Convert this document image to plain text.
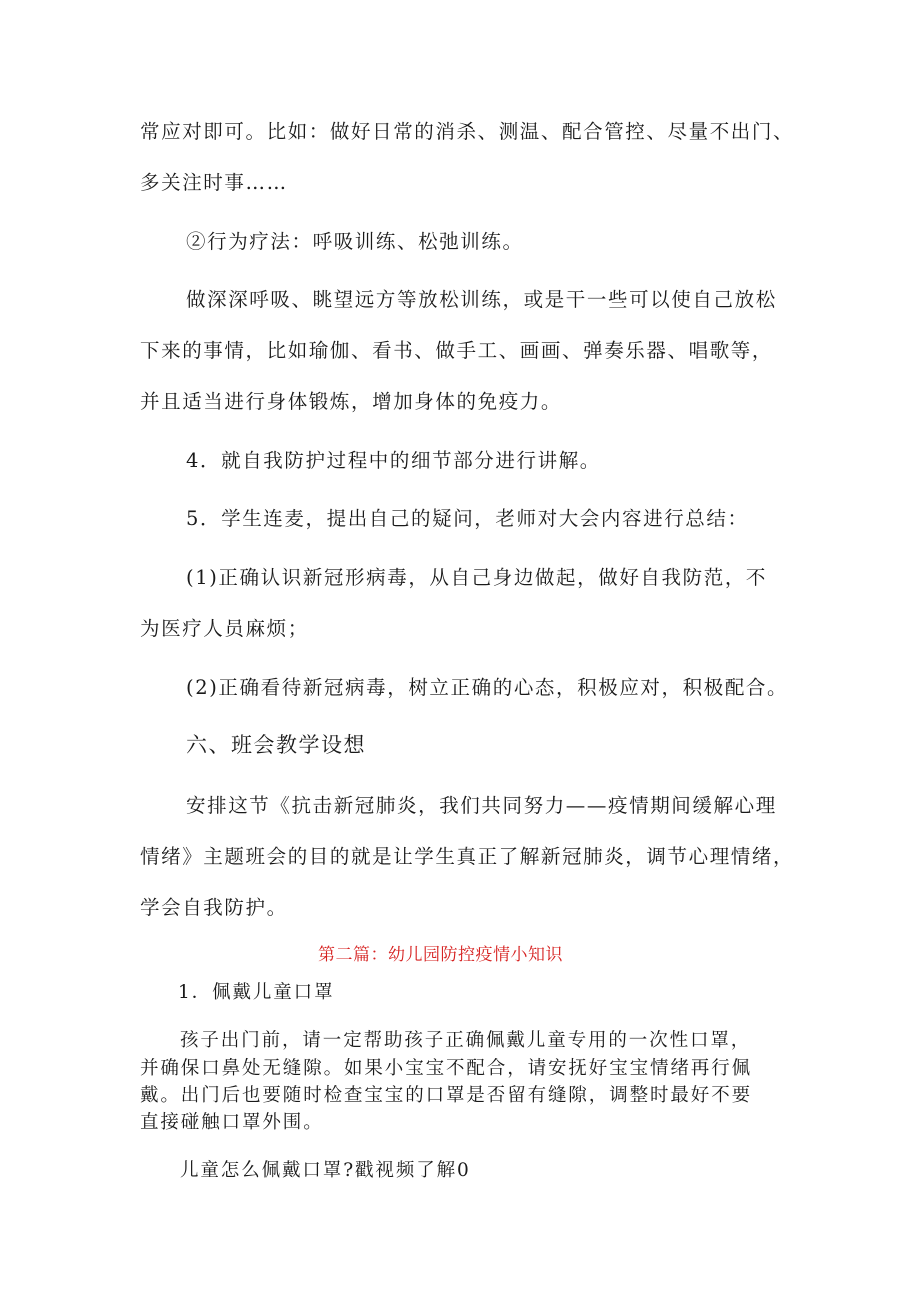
常应对即可。比如：做好日常的消杀、测温、配合管控、尽量不出门、

多关注时事……

②行为疗法：呼吸训练、松弛训练。

做深深呼吸、眺望远方等放松训练，或是干一些可以使自己放松

下来的事情，比如瑜伽、看书、做手工、画画、弹奏乐器、唱歌等，

并且适当进行身体锻炼，增加身体的免疫力。

4．就自我防护过程中的细节部分进行讲解。

5．学生连麦，提出自己的疑问，老师对大会内容进行总结：

(1)正确认识新冠形病毒，从自己身边做起，做好自我防范，不

为医疗人员麻烦；

(2)正确看待新冠病毒，树立正确的心态，积极应对，积极配合。

六、班会教学设想

安排这节《抗击新冠肺炎，我们共同努力——疫情期间缓解心理

情绪》主题班会的目的就是让学生真正了解新冠肺炎，调节心理情绪，

学会自我防护。

第二篇：幼儿园防控疫情小知识

1．佩戴儿童口罩

孩子出门前，请一定帮助孩子正确佩戴儿童专用的一次性口罩，

并确保口鼻处无缝隙。如果小宝宝不配合，请安抚好宝宝情绪再行佩

戴。出门后也要随时检查宝宝的口罩是否留有缝隙，调整时最好不要

直接碰触口罩外围。

儿童怎么佩戴口罩?戳视频了解0
